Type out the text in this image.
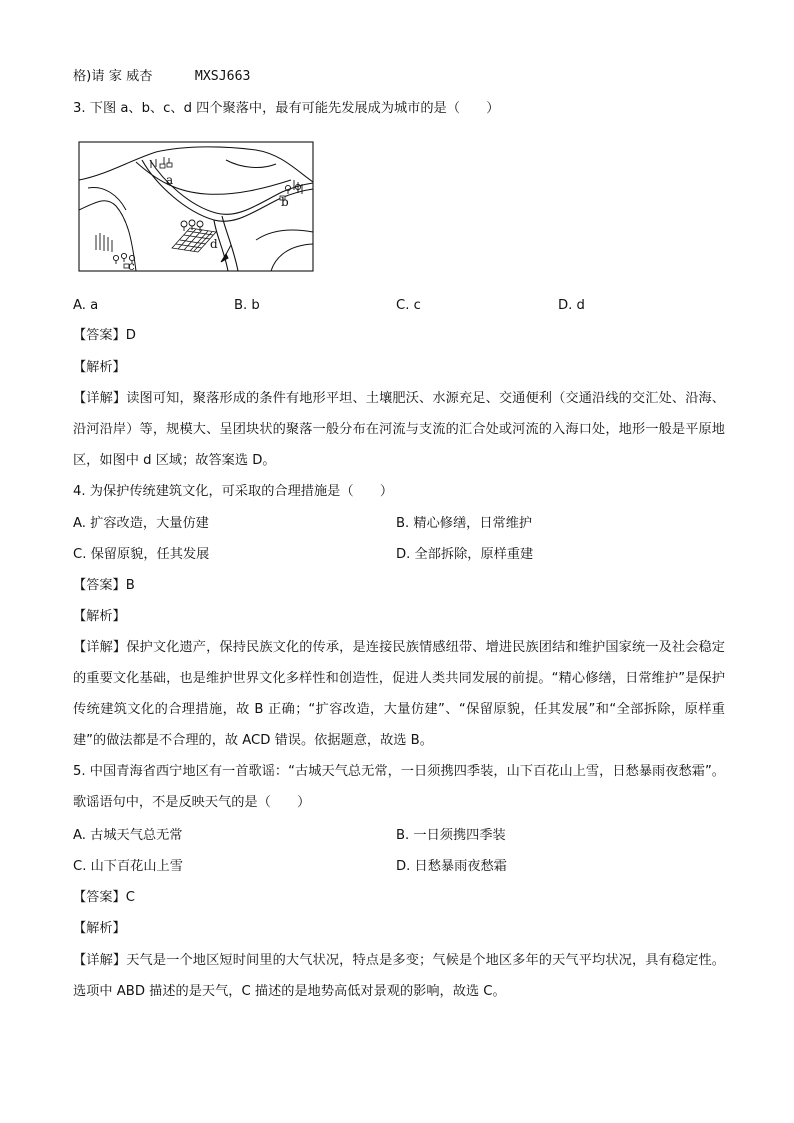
格)请 家 威杏	MXSJ663
3. 下图 a、b、c、d 四个聚落中，最有可能先发展成为城市的是（　　）
a
b
c
d
A. a	B. b	C. c	D. d
【答案】D
【解析】
【详解】读图可知，聚落形成的条件有地形平坦、土壤肥沃、水源充足、交通便利（交通沿线的交汇处、沿海、沿河沿岸）等，规模大、呈团块状的聚落一般分布在河流与支流的汇合处或河流的入海口处，地形一般是平原地区，如图中 d 区域；故答案选 D。
4. 为保护传统建筑文化，可采取的合理措施是（　　）
A. 扩容改造，大量仿建	B. 精心修缮，日常维护
C. 保留原貌，任其发展	D. 全部拆除，原样重建
【答案】B
【解析】
【详解】保护文化遗产，保持民族文化的传承，是连接民族情感纽带、增进民族团结和维护国家统一及社会稳定的重要文化基础，也是维护世界文化多样性和创造性，促进人类共同发展的前提。“精心修缮，日常维护”是保护传统建筑文化的合理措施，故 B 正确；“扩容改造，大量仿建”、“保留原貌，任其发展”和“全部拆除，原样重建”的做法都是不合理的，故 ACD 错误。依据题意，故选 B。
5. 中国青海省西宁地区有一首歌谣：“古城天气总无常，一日须携四季装，山下百花山上雪，日愁暴雨夜愁霜”。歌谣语句中，不是反映天气的是（　　）
A. 古城天气总无常	B. 一日须携四季装
C. 山下百花山上雪	D. 日愁暴雨夜愁霜
【答案】C
【解析】
【详解】天气是一个地区短时间里的大气状况，特点是多变；气候是个地区多年的天气平均状况，具有稳定性。选项中 ABD 描述的是天气，C 描述的是地势高低对景观的影响，故选 C。
